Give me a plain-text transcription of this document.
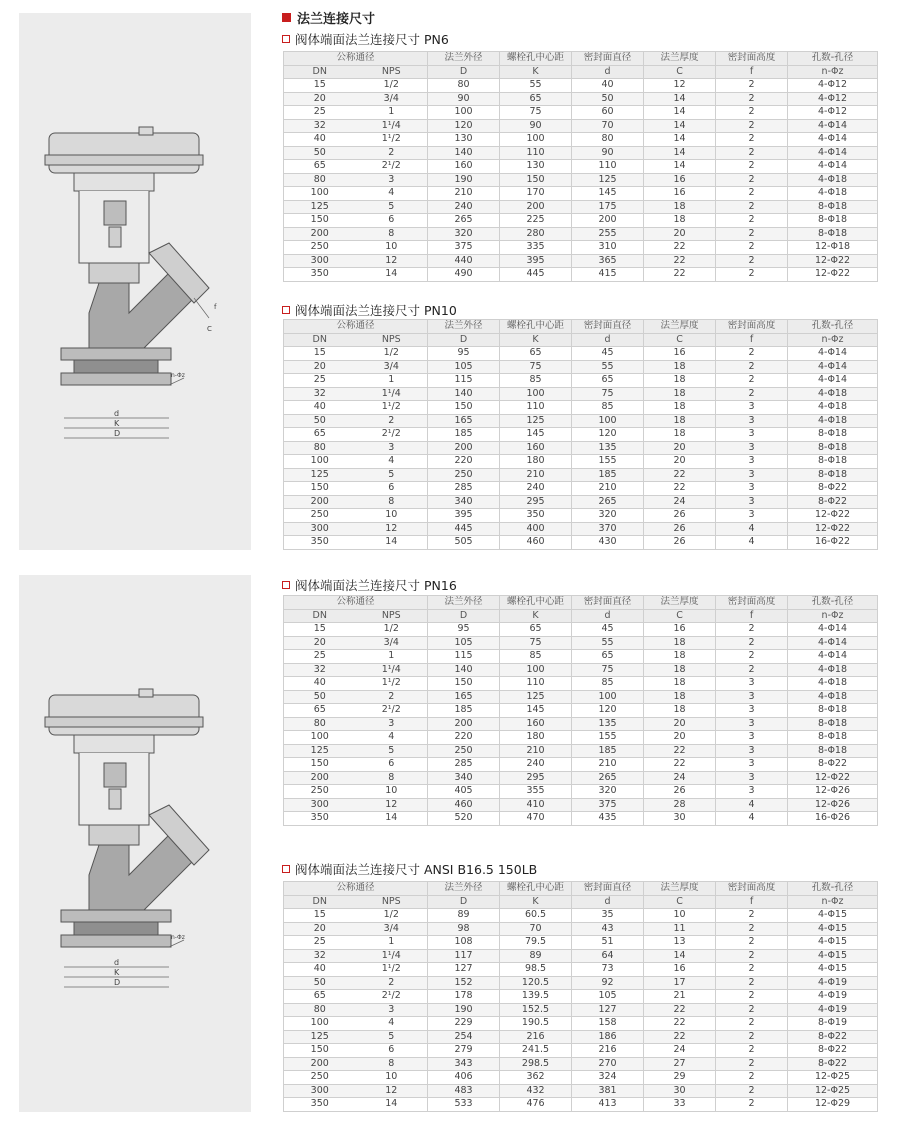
d
K
D
n-Φz
C
f
d
K
D
n-Φz
法兰连接尺寸
阀体端面法兰连接尺寸 PN6
公称通径		法兰外径	螺栓孔中心距	密封面直径	法兰厚度	密封面高度	孔数-孔径
DN	NPS	D	K	d	C	f	n-Φz
15	1/2	80	55	40	12	2	4-Φ12
20	3/4	90	65	50	14	2	4-Φ12
25	1	100	75	60	14	2	4-Φ12
32	1¹/4	120	90	70	14	2	4-Φ14
40	1¹/2	130	100	80	14	2	4-Φ14
50	2	140	110	90	14	2	4-Φ14
65	2¹/2	160	130	110	14	2	4-Φ14
80	3	190	150	125	16	2	4-Φ18
100	4	210	170	145	16	2	4-Φ18
125	5	240	200	175	18	2	8-Φ18
150	6	265	225	200	18	2	8-Φ18
200	8	320	280	255	20	2	8-Φ18
250	10	375	335	310	22	2	12-Φ18
300	12	440	395	365	22	2	12-Φ22
350	14	490	445	415	22	2	12-Φ22
阀体端面法兰连接尺寸 PN10
公称通径		法兰外径	螺栓孔中心距	密封面直径	法兰厚度	密封面高度	孔数-孔径
DN	NPS	D	K	d	C	f	n-Φz
15	1/2	95	65	45	16	2	4-Φ14
20	3/4	105	75	55	18	2	4-Φ14
25	1	115	85	65	18	2	4-Φ14
32	1¹/4	140	100	75	18	2	4-Φ18
40	1¹/2	150	110	85	18	3	4-Φ18
50	2	165	125	100	18	3	4-Φ18
65	2¹/2	185	145	120	18	3	8-Φ18
80	3	200	160	135	20	3	8-Φ18
100	4	220	180	155	20	3	8-Φ18
125	5	250	210	185	22	3	8-Φ18
150	6	285	240	210	22	3	8-Φ22
200	8	340	295	265	24	3	8-Φ22
250	10	395	350	320	26	3	12-Φ22
300	12	445	400	370	26	4	12-Φ22
350	14	505	460	430	26	4	16-Φ22
阀体端面法兰连接尺寸 PN16
公称通径		法兰外径	螺栓孔中心距	密封面直径	法兰厚度	密封面高度	孔数-孔径
DN	NPS	D	K	d	C	f	n-Φz
15	1/2	95	65	45	16	2	4-Φ14
20	3/4	105	75	55	18	2	4-Φ14
25	1	115	85	65	18	2	4-Φ14
32	1¹/4	140	100	75	18	2	4-Φ18
40	1¹/2	150	110	85	18	3	4-Φ18
50	2	165	125	100	18	3	4-Φ18
65	2¹/2	185	145	120	18	3	8-Φ18
80	3	200	160	135	20	3	8-Φ18
100	4	220	180	155	20	3	8-Φ18
125	5	250	210	185	22	3	8-Φ18
150	6	285	240	210	22	3	8-Φ22
200	8	340	295	265	24	3	12-Φ22
250	10	405	355	320	26	3	12-Φ26
300	12	460	410	375	28	4	12-Φ26
350	14	520	470	435	30	4	16-Φ26
阀体端面法兰连接尺寸 ANSI B16.5 150LB
公称通径		法兰外径	螺栓孔中心距	密封面直径	法兰厚度	密封面高度	孔数-孔径
DN	NPS	D	K	d	C	f	n-Φz
15	1/2	89	60.5	35	10	2	4-Φ15
20	3/4	98	70	43	11	2	4-Φ15
25	1	108	79.5	51	13	2	4-Φ15
32	1¹/4	117	89	64	14	2	4-Φ15
40	1¹/2	127	98.5	73	16	2	4-Φ15
50	2	152	120.5	92	17	2	4-Φ19
65	2¹/2	178	139.5	105	21	2	4-Φ19
80	3	190	152.5	127	22	2	4-Φ19
100	4	229	190.5	158	22	2	8-Φ19
125	5	254	216	186	22	2	8-Φ22
150	6	279	241.5	216	24	2	8-Φ22
200	8	343	298.5	270	27	2	8-Φ22
250	10	406	362	324	29	2	12-Φ25
300	12	483	432	381	30	2	12-Φ25
350	14	533	476	413	33	2	12-Φ29
